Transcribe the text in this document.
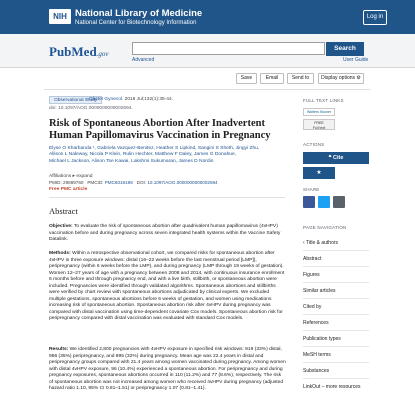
NIH National Library of Medicine
National Center for Biotechnology Information
Log in
PubMed.gov
Search
Advanced	User Guide
Save	Email	Send to	Display options ⚙
Observational Study
› Obstet Gynecol. 2018 Jul;132(1):35-44.
doi: 10.1097/AOG.0000000000002694.
Risk of Spontaneous Abortion After Inadvertent Human Papillomavirus Vaccination in Pregnancy
Elyse O Kharbanda ¹, Gabriela Vazquez-Benitez, Heather S Lipkind, Sangini S Sheth, Jingyi Zhu,
Allison L Naleway, Nicola P Klein, Rulin Hechter, Matthew F Daley, James G Donahue,
Michael L Jackson, Alison Tse Kawai, Lakshmi Sukumaran, James D Nordin
Affiliations ▸ expand
PMID: 29889760 PMCID: PMC6019198 DOI: 10.1097/AOG.0000000000002694
Free PMC article
Abstract
Objective: To evaluate the risk of spontaneous abortion after quadrivalent human papillomavirus (4vHPV) vaccination before and during pregnancy across seven integrated health systems within the Vaccine Safety Datalink.
Methods: Within a retrospective observational cohort, we compared risks for spontaneous abortion after 4vHPV in three exposure windows: distal (16–22 weeks before the last menstrual period [LMP]), peripregnancy (within 6 weeks before the LMP), and during pregnancy (LMP through 19 weeks of gestation). Women 12–27 years of age with a pregnancy between 2008 and 2014, with continuous insurance enrollment 6 months before and through pregnancy end, and with a live birth, stillbirth, or spontaneous abortion were included. Pregnancies were identified through validated algorithms. Spontaneous abortions and stillbirths were verified by chart review with spontaneous abortions adjudicated by clinical experts. We excluded multiple gestations, spontaneous abortions before 6 weeks of gestation, and women using medications increasing risk of spontaneous abortion. Spontaneous abortion risk after 4vHPV during pregnancy was compared with distal vaccination using time-dependent covariate Cox models. Spontaneous abortion risk for peripregnancy compared with distal vaccination was evaluated with standard Cox models.
Results: We identified 2,800 pregnancies with 4vHPV exposure in specified risk windows: 919 (33%) distal, 986 (35%) peripregnancy, and 895 (32%) during pregnancy. Mean age was 22.4 years in distal and peripregnancy groups compared with 21.4 years among women vaccinated during pregnancy. Among women with distal 4vHPV exposure, 96 (10.4%) experienced a spontaneous abortion. For peripregnancy and during pregnancy exposures, spontaneous abortions occurred in 110 (11.2%) and 77 (8.6%), respectively. The risk of spontaneous abortion was not increased among women who received 4vHPV during pregnancy (adjusted hazard ratio 1.10, 95% CI 0.81–1.51) or peripregnancy 1.07 (0.81–1.41).
FULL TEXT LINKS
Wolters Kluwer
FREE
Full text
ACTIONS
❝ Cite
★
SHARE
PAGE NAVIGATION
‹ Title & authors
Abstract
Figures
Similar articles
Cited by
References
Publication types
MeSH terms
Substances
LinkOut – more resources
